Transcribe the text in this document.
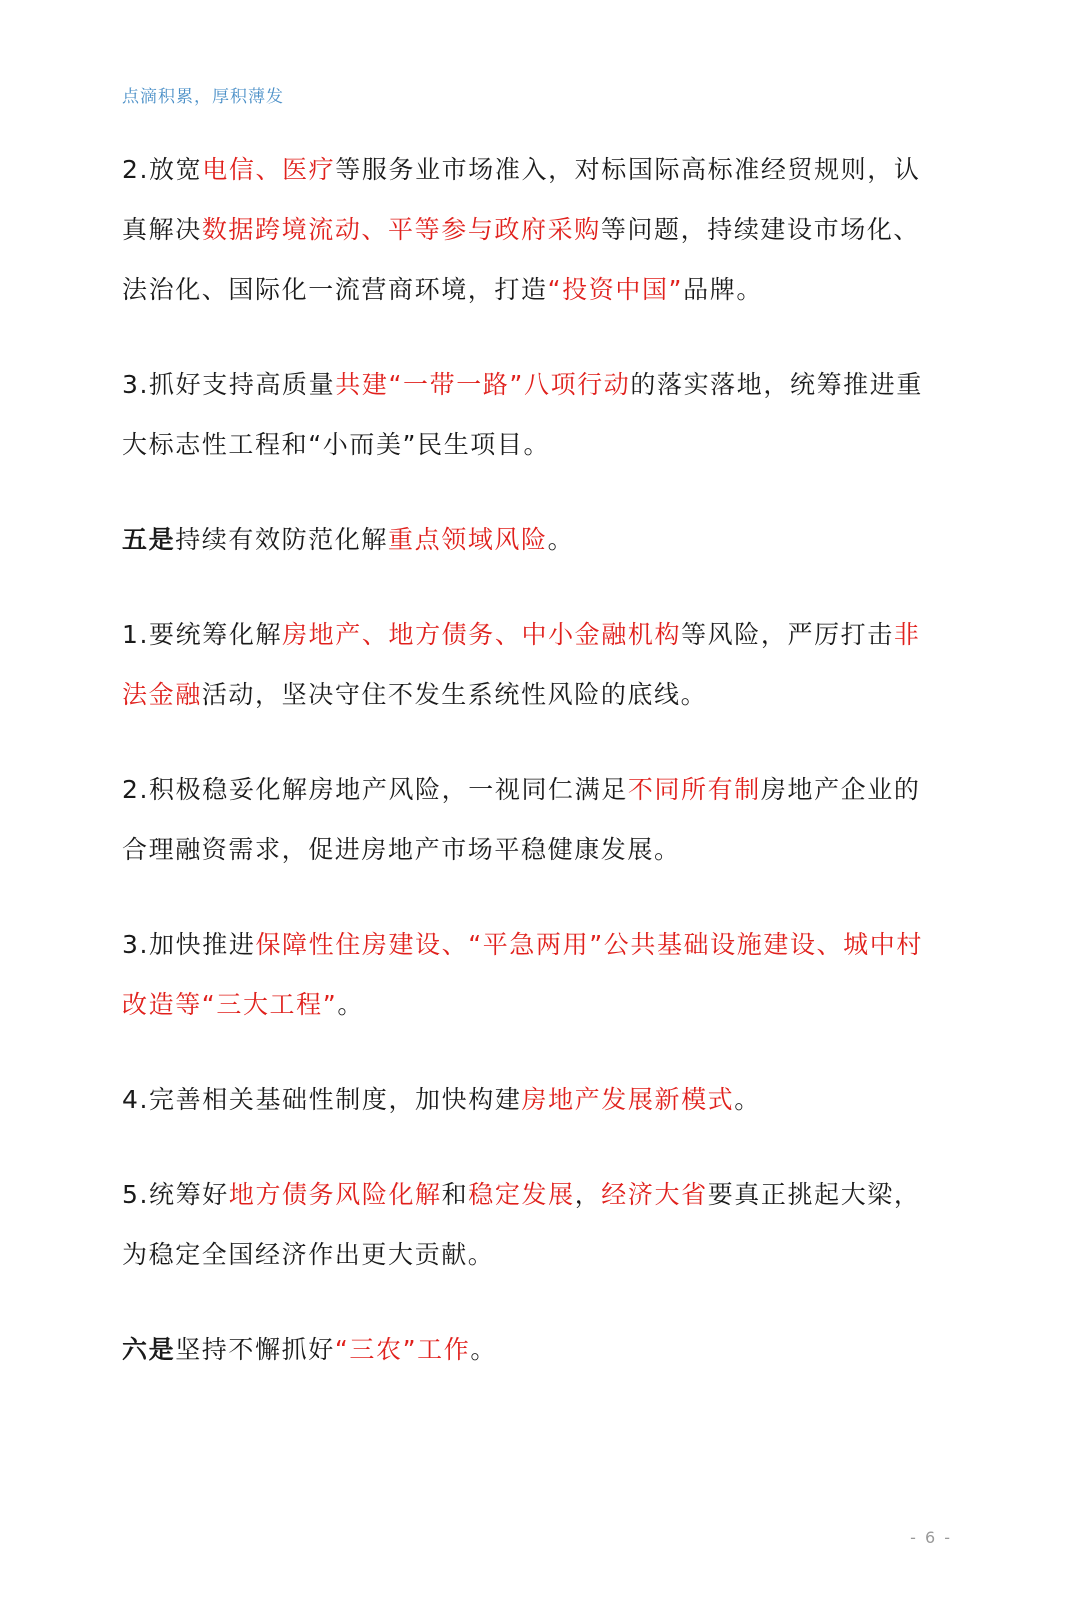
点滴积累，厚积薄发

2.放宽电信、医疗等服务业市场准入，对标国际高标准经贸规则，认真解决数据跨境流动、平等参与政府采购等问题，持续建设市场化、法治化、国际化一流营商环境，打造“投资中国”品牌。

3.抓好支持高质量共建“一带一路”八项行动的落实落地，统筹推进重大标志性工程和“小而美”民生项目。

五是持续有效防范化解重点领域风险。

1.要统筹化解房地产、地方债务、中小金融机构等风险，严厉打击非法金融活动，坚决守住不发生系统性风险的底线。

2.积极稳妥化解房地产风险，一视同仁满足不同所有制房地产企业的合理融资需求，促进房地产市场平稳健康发展。

3.加快推进保障性住房建设、“平急两用”公共基础设施建设、城中村改造等“三大工程”。

4.完善相关基础性制度，加快构建房地产发展新模式。

5.统筹好地方债务风险化解和稳定发展，经济大省要真正挑起大梁，为稳定全国经济作出更大贡献。

六是坚持不懈抓好“三农”工作。

- 6 -
